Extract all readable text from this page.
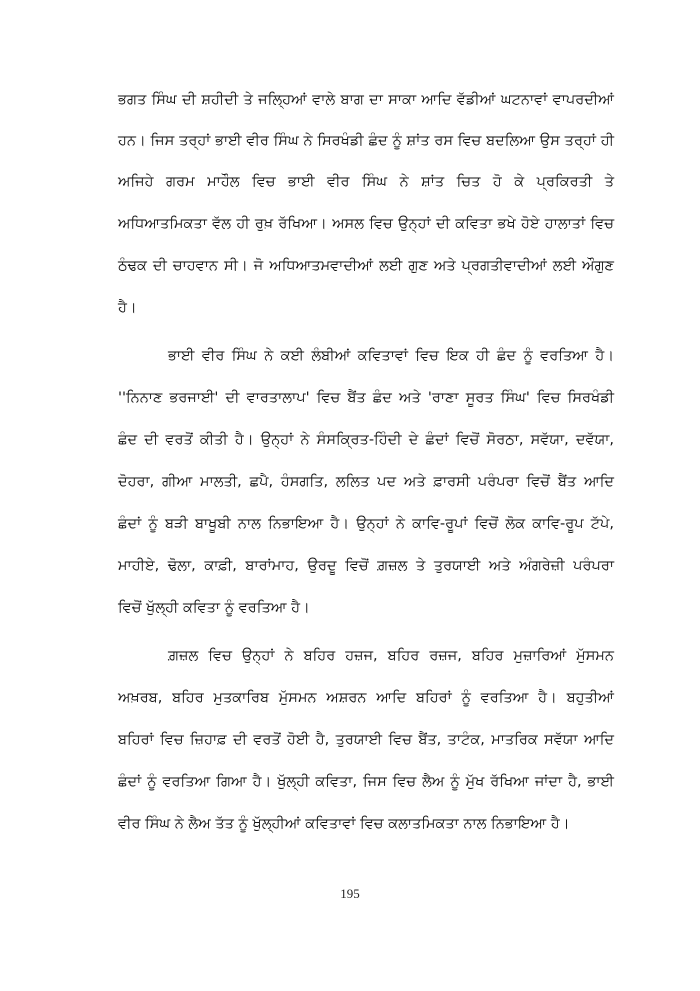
ਭਗਤ ਸਿੰਘ ਦੀ ਸ਼ਹੀਦੀ ਤੇ ਜਲ੍ਹਿਆਂ ਵਾਲੇ ਬਾਗ ਦਾ ਸਾਕਾ ਆਦਿ ਵੱਡੀਆਂ ਘਟਨਾਵਾਂ ਵਾਪਰਦੀਆਂ
ਹਨ। ਜਿਸ ਤਰ੍ਹਾਂ ਭਾਈ ਵੀਰ ਸਿੰਘ ਨੇ ਸਿਰਖੰਡੀ ਛੰਦ ਨੂੰ ਸ਼ਾਂਤ ਰਸ ਵਿਚ ਬਦਲਿਆ ਉਸ ਤਰ੍ਹਾਂ ਹੀ
ਅਜਿਹੇ ਗਰਮ ਮਾਹੌਲ ਵਿਚ ਭਾਈ ਵੀਰ ਸਿੰਘ ਨੇ ਸ਼ਾਂਤ ਚਿਤ ਹੋ ਕੇ ਪ੍ਰਕਿਰਤੀ ਤੇ
ਅਧਿਆਤਮਿਕਤਾ ਵੱਲ ਹੀ ਰੁਖ਼ ਰੱਖਿਆ। ਅਸਲ ਵਿਚ ਉਨ੍ਹਾਂ ਦੀ ਕਵਿਤਾ ਭਖੇ ਹੋਏ ਹਾਲਾਤਾਂ ਵਿਚ
ਠੰਢਕ ਦੀ ਚਾਹਵਾਨ ਸੀ। ਜੋ ਅਧਿਆਤਮਵਾਦੀਆਂ ਲਈ ਗੁਣ ਅਤੇ ਪ੍ਰਗਤੀਵਾਦੀਆਂ ਲਈ ਔਗੁਣ
ਹੈ।
ਭਾਈ ਵੀਰ ਸਿੰਘ ਨੇ ਕਈ ਲੰਬੀਆਂ ਕਵਿਤਾਵਾਂ ਵਿਚ ਇਕ ਹੀ ਛੰਦ ਨੂੰ ਵਰਤਿਆ ਹੈ।
''ਨਿਨਾਣ ਭਰਜਾਈ' ਦੀ ਵਾਰਤਾਲਾਪ' ਵਿਚ ਬੈਂਤ ਛੰਦ ਅਤੇ 'ਰਾਣਾ ਸੂਰਤ ਸਿੰਘ' ਵਿਚ ਸਿਰਖੰਡੀ
ਛੰਦ ਦੀ ਵਰਤੋਂ ਕੀਤੀ ਹੈ। ਉਨ੍ਹਾਂ ਨੇ ਸੰਸਕ੍ਰਿਤ-ਹਿੰਦੀ ਦੇ ਛੰਦਾਂ ਵਿਚੋਂ ਸੋਰਠਾ, ਸਵੱਯਾ, ਦਵੱਯਾ,
ਦੋਹਰਾ, ਗੀਆ ਮਾਲਤੀ, ਛਪੈ, ਹੰਸਗਤਿ, ਲਲਿਤ ਪਦ ਅਤੇ ਫ਼ਾਰਸੀ ਪਰੰਪਰਾ ਵਿਚੋਂ ਬੈਂਤ ਆਦਿ
ਛੰਦਾਂ ਨੂੰ ਬੜੀ ਬਾਖੂਬੀ ਨਾਲ ਨਿਭਾਇਆ ਹੈ। ਉਨ੍ਹਾਂ ਨੇ ਕਾਵਿ-ਰੂਪਾਂ ਵਿਚੋਂ ਲੋਕ ਕਾਵਿ-ਰੂਪ ਟੱਪੇ,
ਮਾਹੀਏ, ਢੋਲਾ, ਕਾਫ਼ੀ, ਬਾਰਾਂਮਾਹ, ਉਰਦੂ ਵਿਚੋਂ ਗ਼ਜ਼ਲ ਤੇ ਤੁਰਯਾਈ ਅਤੇ ਅੰਗਰੇਜ਼ੀ ਪਰੰਪਰਾ
ਵਿਚੋਂ ਖੁੱਲ੍ਹੀ ਕਵਿਤਾ ਨੂੰ ਵਰਤਿਆ ਹੈ।
ਗ਼ਜ਼ਲ ਵਿਚ ਉਨ੍ਹਾਂ ਨੇ ਬਹਿਰ ਹਜ਼ਜ, ਬਹਿਰ ਰਜ਼ਜ, ਬਹਿਰ ਮੁਜ਼ਾਰਿਆਂ ਮੁੱਸਮਨ
ਅਖ਼ਰਬ, ਬਹਿਰ ਮੁਤਕਾਰਿਬ ਮੁੱਸਮਨ ਅਸ਼ਰਨ ਆਦਿ ਬਹਿਰਾਂ ਨੂੰ ਵਰਤਿਆ ਹੈ। ਬਹੁਤੀਆਂ
ਬਹਿਰਾਂ ਵਿਚ ਜ਼ਿਹਾਫ਼ ਦੀ ਵਰਤੋਂ ਹੋਈ ਹੈ, ਤੁਰਯਾਈ ਵਿਚ ਬੈਂਤ, ਤਾਟੰਕ, ਮਾਤਰਿਕ ਸਵੱਯਾ ਆਦਿ
ਛੰਦਾਂ ਨੂੰ ਵਰਤਿਆ ਗਿਆ ਹੈ। ਖੁੱਲ੍ਹੀ ਕਵਿਤਾ, ਜਿਸ ਵਿਚ ਲੈਅ ਨੂੰ ਮੁੱਖ ਰੱਖਿਆ ਜਾਂਦਾ ਹੈ, ਭਾਈ
ਵੀਰ ਸਿੰਘ ਨੇ ਲੈਅ ਤੱਤ ਨੂੰ ਖੁੱਲ੍ਹੀਆਂ ਕਵਿਤਾਵਾਂ ਵਿਚ ਕਲਾਤਮਿਕਤਾ ਨਾਲ ਨਿਭਾਇਆ ਹੈ।
195
